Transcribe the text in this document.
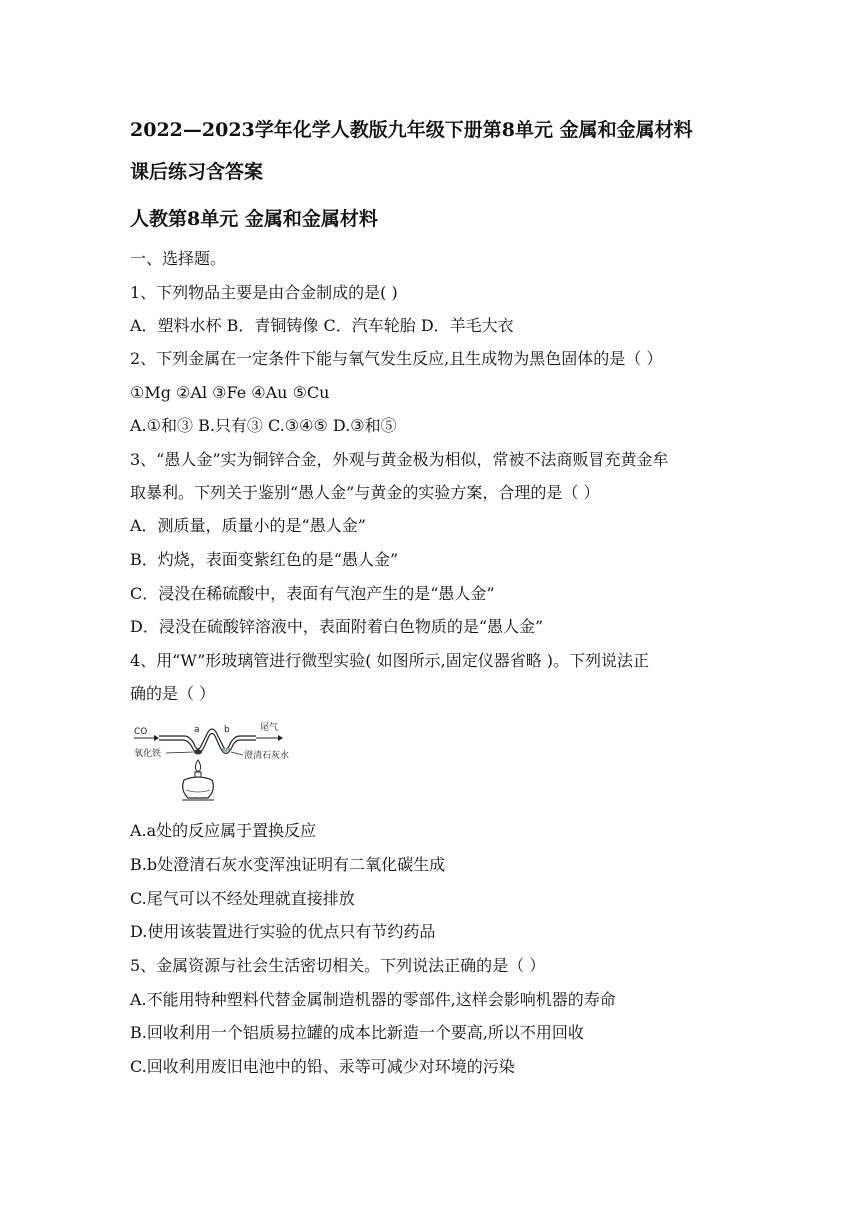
2022—2023学年化学人教版九年级下册第8单元 金属和金属材料
课后练习含答案
人教第8单元 金属和金属材料
一、选择题。
1、下列物品主要是由合金制成的是( )
A．塑料水杯 B．青铜铸像 C．汽车轮胎 D．羊毛大衣
2、下列金属在一定条件下能与氧气发生反应,且生成物为黑色固体的是（ ）
①Mg ②Al ③Fe ④Au ⑤Cu
A.①和③ B.只有③ C.③④⑤ D.③和⑤
3、“愚人金”实为铜锌合金，外观与黄金极为相似，常被不法商贩冒充黄金牟
取暴利。下列关于鉴别“愚人金”与黄金的实验方案，合理的是（ ）
A．测质量，质量小的是“愚人金”
B．灼烧，表面变紫红色的是“愚人金”
C．浸没在稀硫酸中，表面有气泡产生的是“愚人金”
D．浸没在硫酸锌溶液中，表面附着白色物质的是“愚人金”
4、用“W”形玻璃管进行微型实验( 如图所示,固定仪器省略 )。下列说法正
确的是（ ）
CO	a	b	尾气
氧化铁	澄清石灰水
A.a处的反应属于置换反应
B.b处澄清石灰水变浑浊证明有二氧化碳生成
C.尾气可以不经处理就直接排放
D.使用该装置进行实验的优点只有节约药品
5、金属资源与社会生活密切相关。下列说法正确的是（ ）
A.不能用特种塑料代替金属制造机器的零部件,这样会影响机器的寿命
B.回收利用一个铝质易拉罐的成本比新造一个要高,所以不用回收
C.回收利用废旧电池中的铅、汞等可减少对环境的污染
